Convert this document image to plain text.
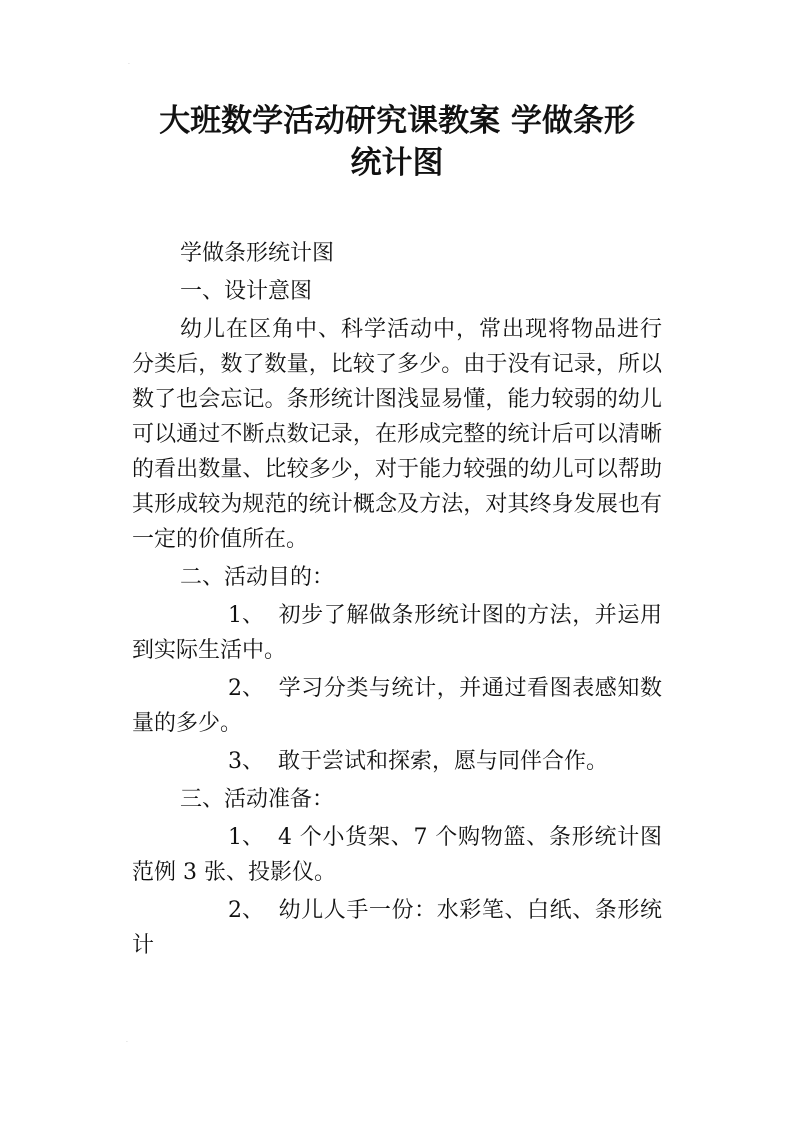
·
·
大班数学活动研究课教案 学做条形
统计图

学做条形统计图

一、设计意图

幼儿在区角中、科学活动中，常出现将物品进行分类后，数了数量，比较了多少。由于没有记录，所以数了也会忘记。条形统计图浅显易懂，能力较弱的幼儿可以通过不断点数记录，在形成完整的统计后可以清晰的看出数量、比较多少，对于能力较强的幼儿可以帮助其形成较为规范的统计概念及方法，对其终身发展也有一定的价值所在。

二、活动目的：

1、 初步了解做条形统计图的方法，并运用到实际生活中。

2、 学习分类与统计，并通过看图表感知数量的多少。

3、 敢于尝试和探索，愿与同伴合作。

三、活动准备：

1、 4 个小货架、7 个购物篮、条形统计图范例 3 张、投影仪。

2、 幼儿人手一份：水彩笔、白纸、条形统计
